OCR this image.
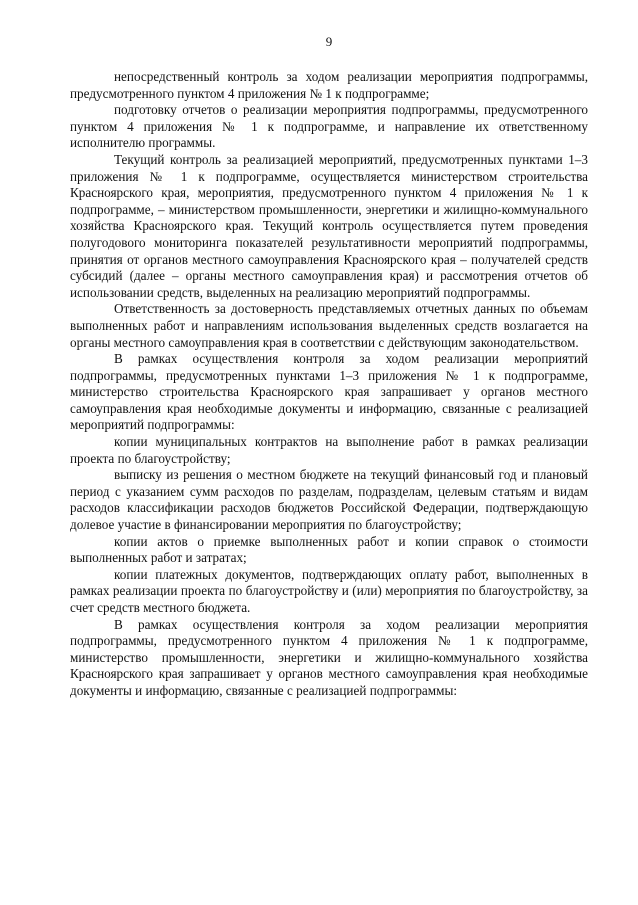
9

непосредственный контроль за ходом реализации мероприятия подпрограммы, предусмотренного пунктом 4 приложения № 1 к подпрограмме;

подготовку отчетов о реализации мероприятия подпрограммы, предусмотренного пунктом 4 приложения № 1 к подпрограмме, и направление их ответственному исполнителю программы.

Текущий контроль за реализацией мероприятий, предусмотренных пунктами 1–3 приложения № 1 к подпрограмме, осуществляется министерством строительства Красноярского края, мероприятия, предусмотренного пунктом 4 приложения № 1 к подпрограмме, – министерством промышленности, энергетики и жилищно-коммунального хозяйства Красноярского края. Текущий контроль осуществляется путем проведения полугодового мониторинга показателей результативности мероприятий подпрограммы, принятия от органов местного самоуправления Красноярского края – получателей средств субсидий (далее – органы местного самоуправления края) и рассмотрения отчетов об использовании средств, выделенных на реализацию мероприятий подпрограммы.

Ответственность за достоверность представляемых отчетных данных по объемам выполненных работ и направлениям использования выделенных средств возлагается на органы местного самоуправления края в соответствии с действующим законодательством.

В рамках осуществления контроля за ходом реализации мероприятий подпрограммы, предусмотренных пунктами 1–3 приложения № 1 к подпрограмме, министерство строительства Красноярского края запрашивает у органов местного самоуправления края необходимые документы и информацию, связанные с реализацией мероприятий подпрограммы:

копии муниципальных контрактов на выполнение работ в рамках реализации проекта по благоустройству;

выписку из решения о местном бюджете на текущий финансовый год и плановый период с указанием сумм расходов по разделам, подразделам, целевым статьям и видам расходов классификации расходов бюджетов Российской Федерации, подтверждающую долевое участие в финансировании мероприятия по благоустройству;

копии актов о приемке выполненных работ и копии справок о стоимости выполненных работ и затратах;

копии платежных документов, подтверждающих оплату работ, выполненных в рамках реализации проекта по благоустройству и (или) мероприятия по благоустройству, за счет средств местного бюджета.

В рамках осуществления контроля за ходом реализации мероприятия подпрограммы, предусмотренного пунктом 4 приложения № 1 к подпрограмме, министерство промышленности, энергетики и жилищно-коммунального хозяйства Красноярского края запрашивает у органов местного самоуправления края необходимые документы и информацию, связанные с реализацией подпрограммы:
